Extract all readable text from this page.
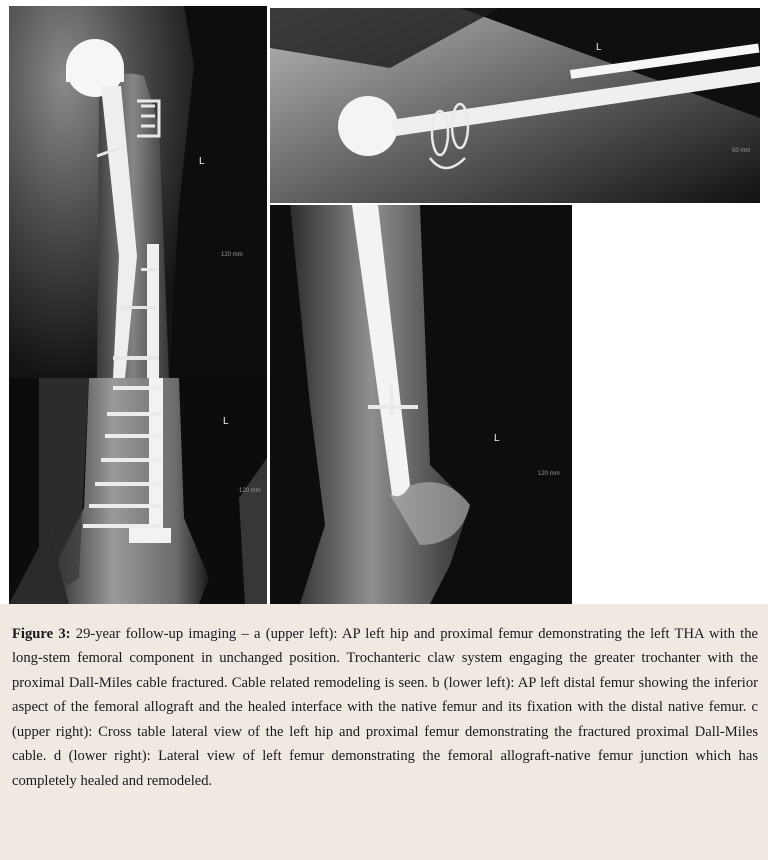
L
120 mm
L
120 mm
L
50 mm
L
120 mm

Figure 3: 29-year follow-up imaging – a (upper left): AP left hip and proximal femur demonstrating the left THA with the long-stem femoral component in unchanged position. Trochanteric claw system engaging the greater trochanter with the proximal Dall-Miles cable fractured. Cable related remodeling is seen. b (lower left): AP left distal femur showing the inferior aspect of the femoral allograft and the healed interface with the native femur and its fixation with the distal native femur. c (upper right): Cross table lateral view of the left hip and proximal femur demonstrating the fractured proximal Dall-Miles cable. d (lower right): Lateral view of left femur demonstrating the femoral allograft-native femur junction which has completely healed and remodeled.
